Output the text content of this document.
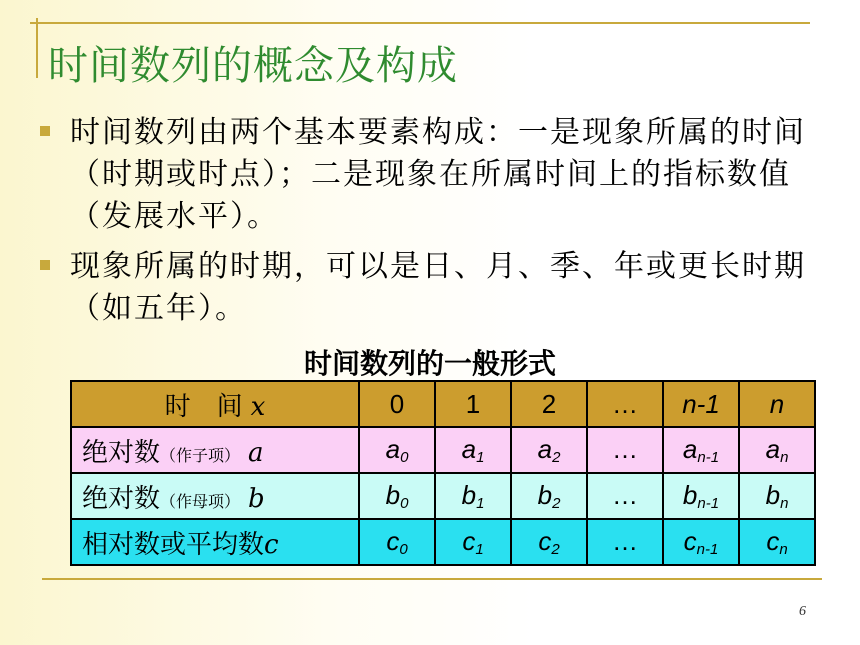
时间数列的概念及构成
时间数列由两个基本要素构成：一是现象所属的时间（时期或时点）；二是现象在所属时间上的指标数值（发展水平）。
现象所属的时期，可以是日、月、季、年或更长时期（如五年）。
时间数列的一般形式
时　间 x	0	1	2	…	n-1	n
绝对数（作子项） a	$a_0$	$a_1$	$a_2$	…	$a_{n-1}$	$a_n$
绝对数（作母项） b	$b_0$	$b_1$	$b_2$	…	$b_{n-1}$	$b_n$
相对数或平均数c	$c_0$	$c_1$	$c_2$	…	$c_{n-1}$	$c_n$
6
